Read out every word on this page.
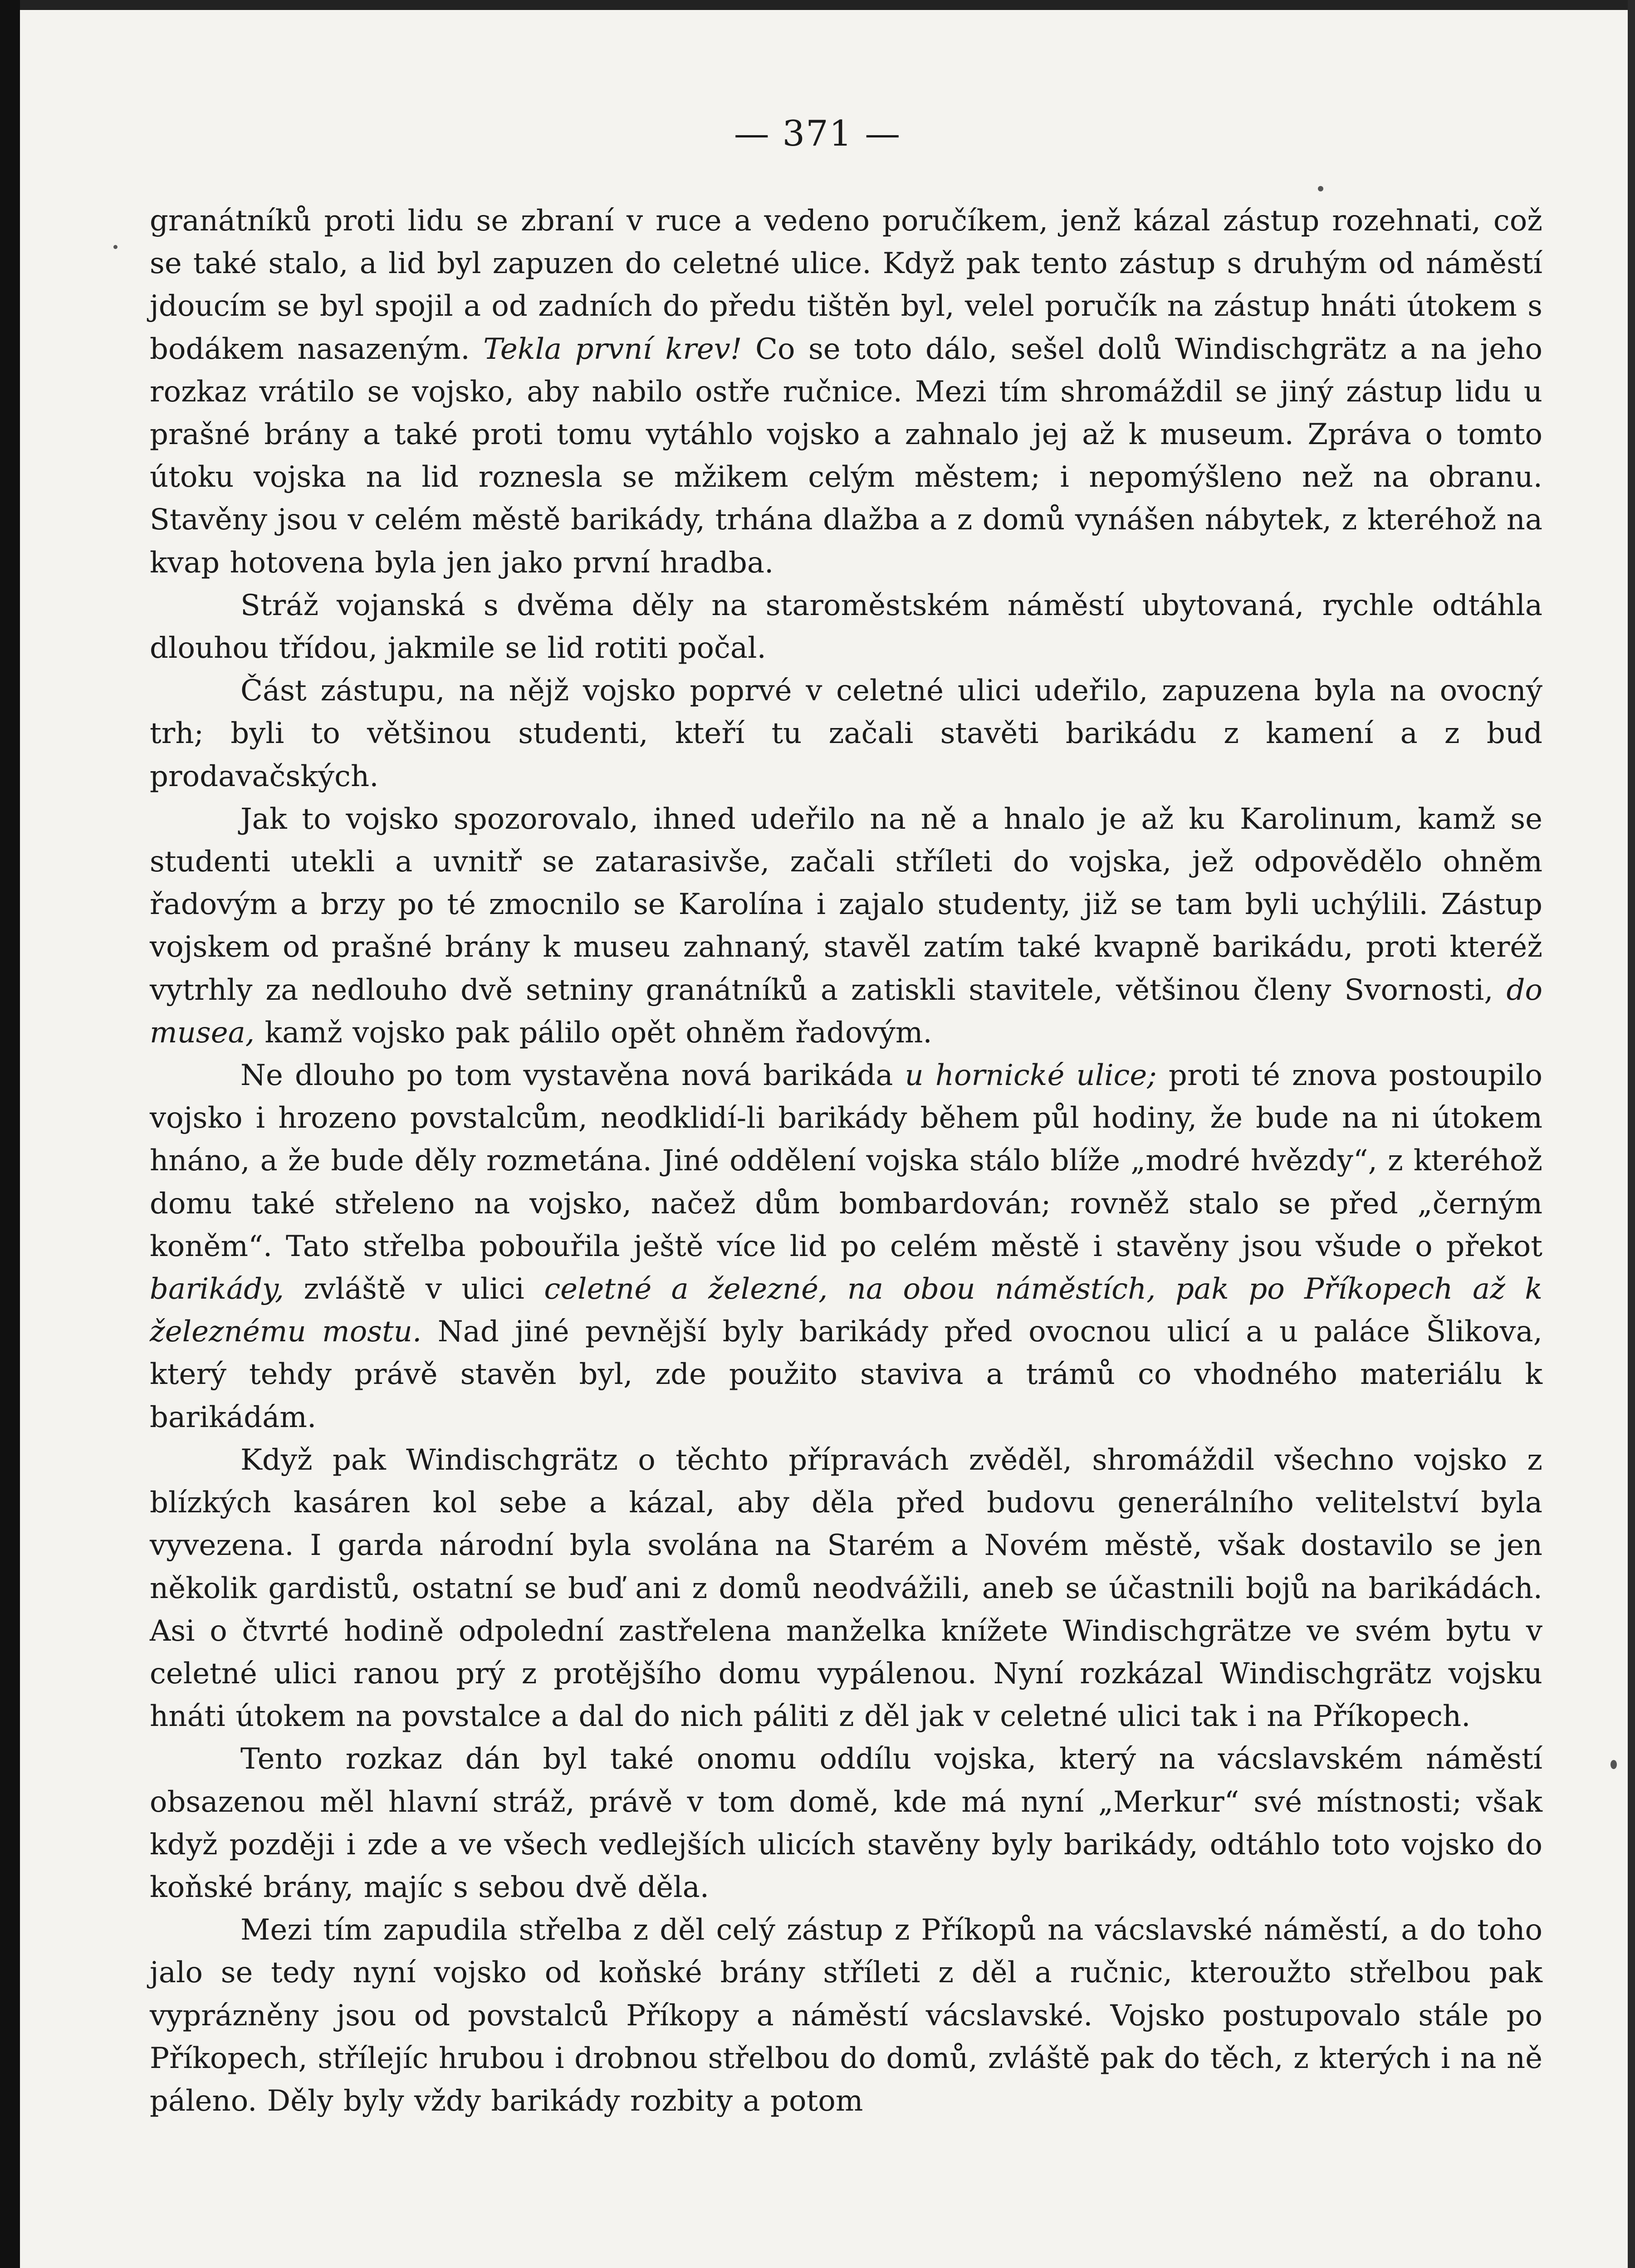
— 371 —

granátníků proti lidu se zbraní v ruce a vedeno poručíkem, jenž kázal zástup rozehnati, což se také stalo, a lid byl zapuzen do celetné ulice. Když pak tento zástup s druhým od náměstí jdoucím se byl spojil a od zadních do předu tištěn byl, velel poručík na zástup hnáti útokem s bodákem nasazeným. Tekla první krev! Co se toto dálo, sešel dolů Windischgrätz a na jeho rozkaz vrátilo se vojsko, aby nabilo ostře ručnice. Mezi tím shromáždil se jiný zástup lidu u prašné brány a také proti tomu vytáhlo vojsko a zahnalo jej až k museum. Zpráva o tomto útoku vojska na lid roznesla se mžikem celým městem; i nepomýšleno než na obranu. Stavěny jsou v celém městě barikády, trhána dlažba a z domů vynášen nábytek, z kteréhož na kvap hotovena byla jen jako první hradba.

Stráž vojanská s dvěma děly na staroměstském náměstí ubytovaná, rychle odtáhla dlouhou třídou, jakmile se lid rotiti počal.

Část zástupu, na nějž vojsko poprvé v celetné ulici udeřilo, zapuzena byla na ovocný trh; byli to většinou studenti, kteří tu začali stavěti barikádu z kamení a z bud prodavačských.

Jak to vojsko spozorovalo, ihned udeřilo na ně a hnalo je až ku Karolinum, kamž se studenti utekli a uvnitř se zatarasivše, začali stříleti do vojska, jež odpovědělo ohněm řadovým a brzy po té zmocnilo se Karolína i zajalo studenty, již se tam byli uchýlili. Zástup vojskem od prašné brány k museu zahnaný, stavěl zatím také kvapně barikádu, proti kteréž vytrhly za nedlouho dvě setniny granátníků a zatiskli stavitele, většinou členy Svornosti, do musea, kamž vojsko pak pálilo opět ohněm řadovým.

Ne dlouho po tom vystavěna nová barikáda u hornické ulice; proti té znova postoupilo vojsko i hrozeno povstalcům, neodklidí-li barikády během půl hodiny, že bude na ni útokem hnáno, a že bude děly rozmetána. Jiné oddělení vojska stálo blíže „modré hvězdy“, z kteréhož domu také střeleno na vojsko, načež dům bombardován; rovněž stalo se před „černým koněm“. Tato střelba pobouřila ještě více lid po celém městě i stavěny jsou všude o překot barikády, zvláště v ulici celetné a železné, na obou náměstích, pak po Příkopech až k železnému mostu. Nad jiné pevnější byly barikády před ovocnou ulicí a u paláce Šlikova, který tehdy právě stavěn byl, zde použito staviva a trámů co vhodného materiálu k barikádám.

Když pak Windischgrätz o těchto přípravách zvěděl, shromáždil všechno vojsko z blízkých kasáren kol sebe a kázal, aby děla před budovu generálního velitelství byla vyvezena. I garda národní byla svolána na Starém a Novém městě, však dostavilo se jen několik gardistů, ostatní se buď ani z domů neodvážili, aneb se účastnili bojů na barikádách. Asi o čtvrté hodině odpolední zastřelena manželka knížete Windischgrätze ve svém bytu v celetné ulici ranou prý z protějšího domu vypálenou. Nyní rozkázal Windischgrätz vojsku hnáti útokem na povstalce a dal do nich páliti z děl jak v celetné ulici tak i na Příkopech.

Tento rozkaz dán byl také onomu oddílu vojska, který na vácslavském náměstí obsazenou měl hlavní stráž, právě v tom domě, kde má nyní „Merkur“ své místnosti; však když později i zde a ve všech vedlejších ulicích stavěny byly barikády, odtáhlo toto vojsko do koňské brány, majíc s sebou dvě děla.

Mezi tím zapudila střelba z děl celý zástup z Příkopů na vácslavské náměstí, a do toho jalo se tedy nyní vojsko od koňské brány stříleti z děl a ručnic, kteroužto střelbou pak vyprázněny jsou od povstalců Příkopy a náměstí vácslavské. Vojsko postupovalo stále po Příkopech, střílejíc hrubou i drobnou střelbou do domů, zvláště pak do těch, z kterých i na ně páleno. Děly byly vždy barikády rozbity a potom
